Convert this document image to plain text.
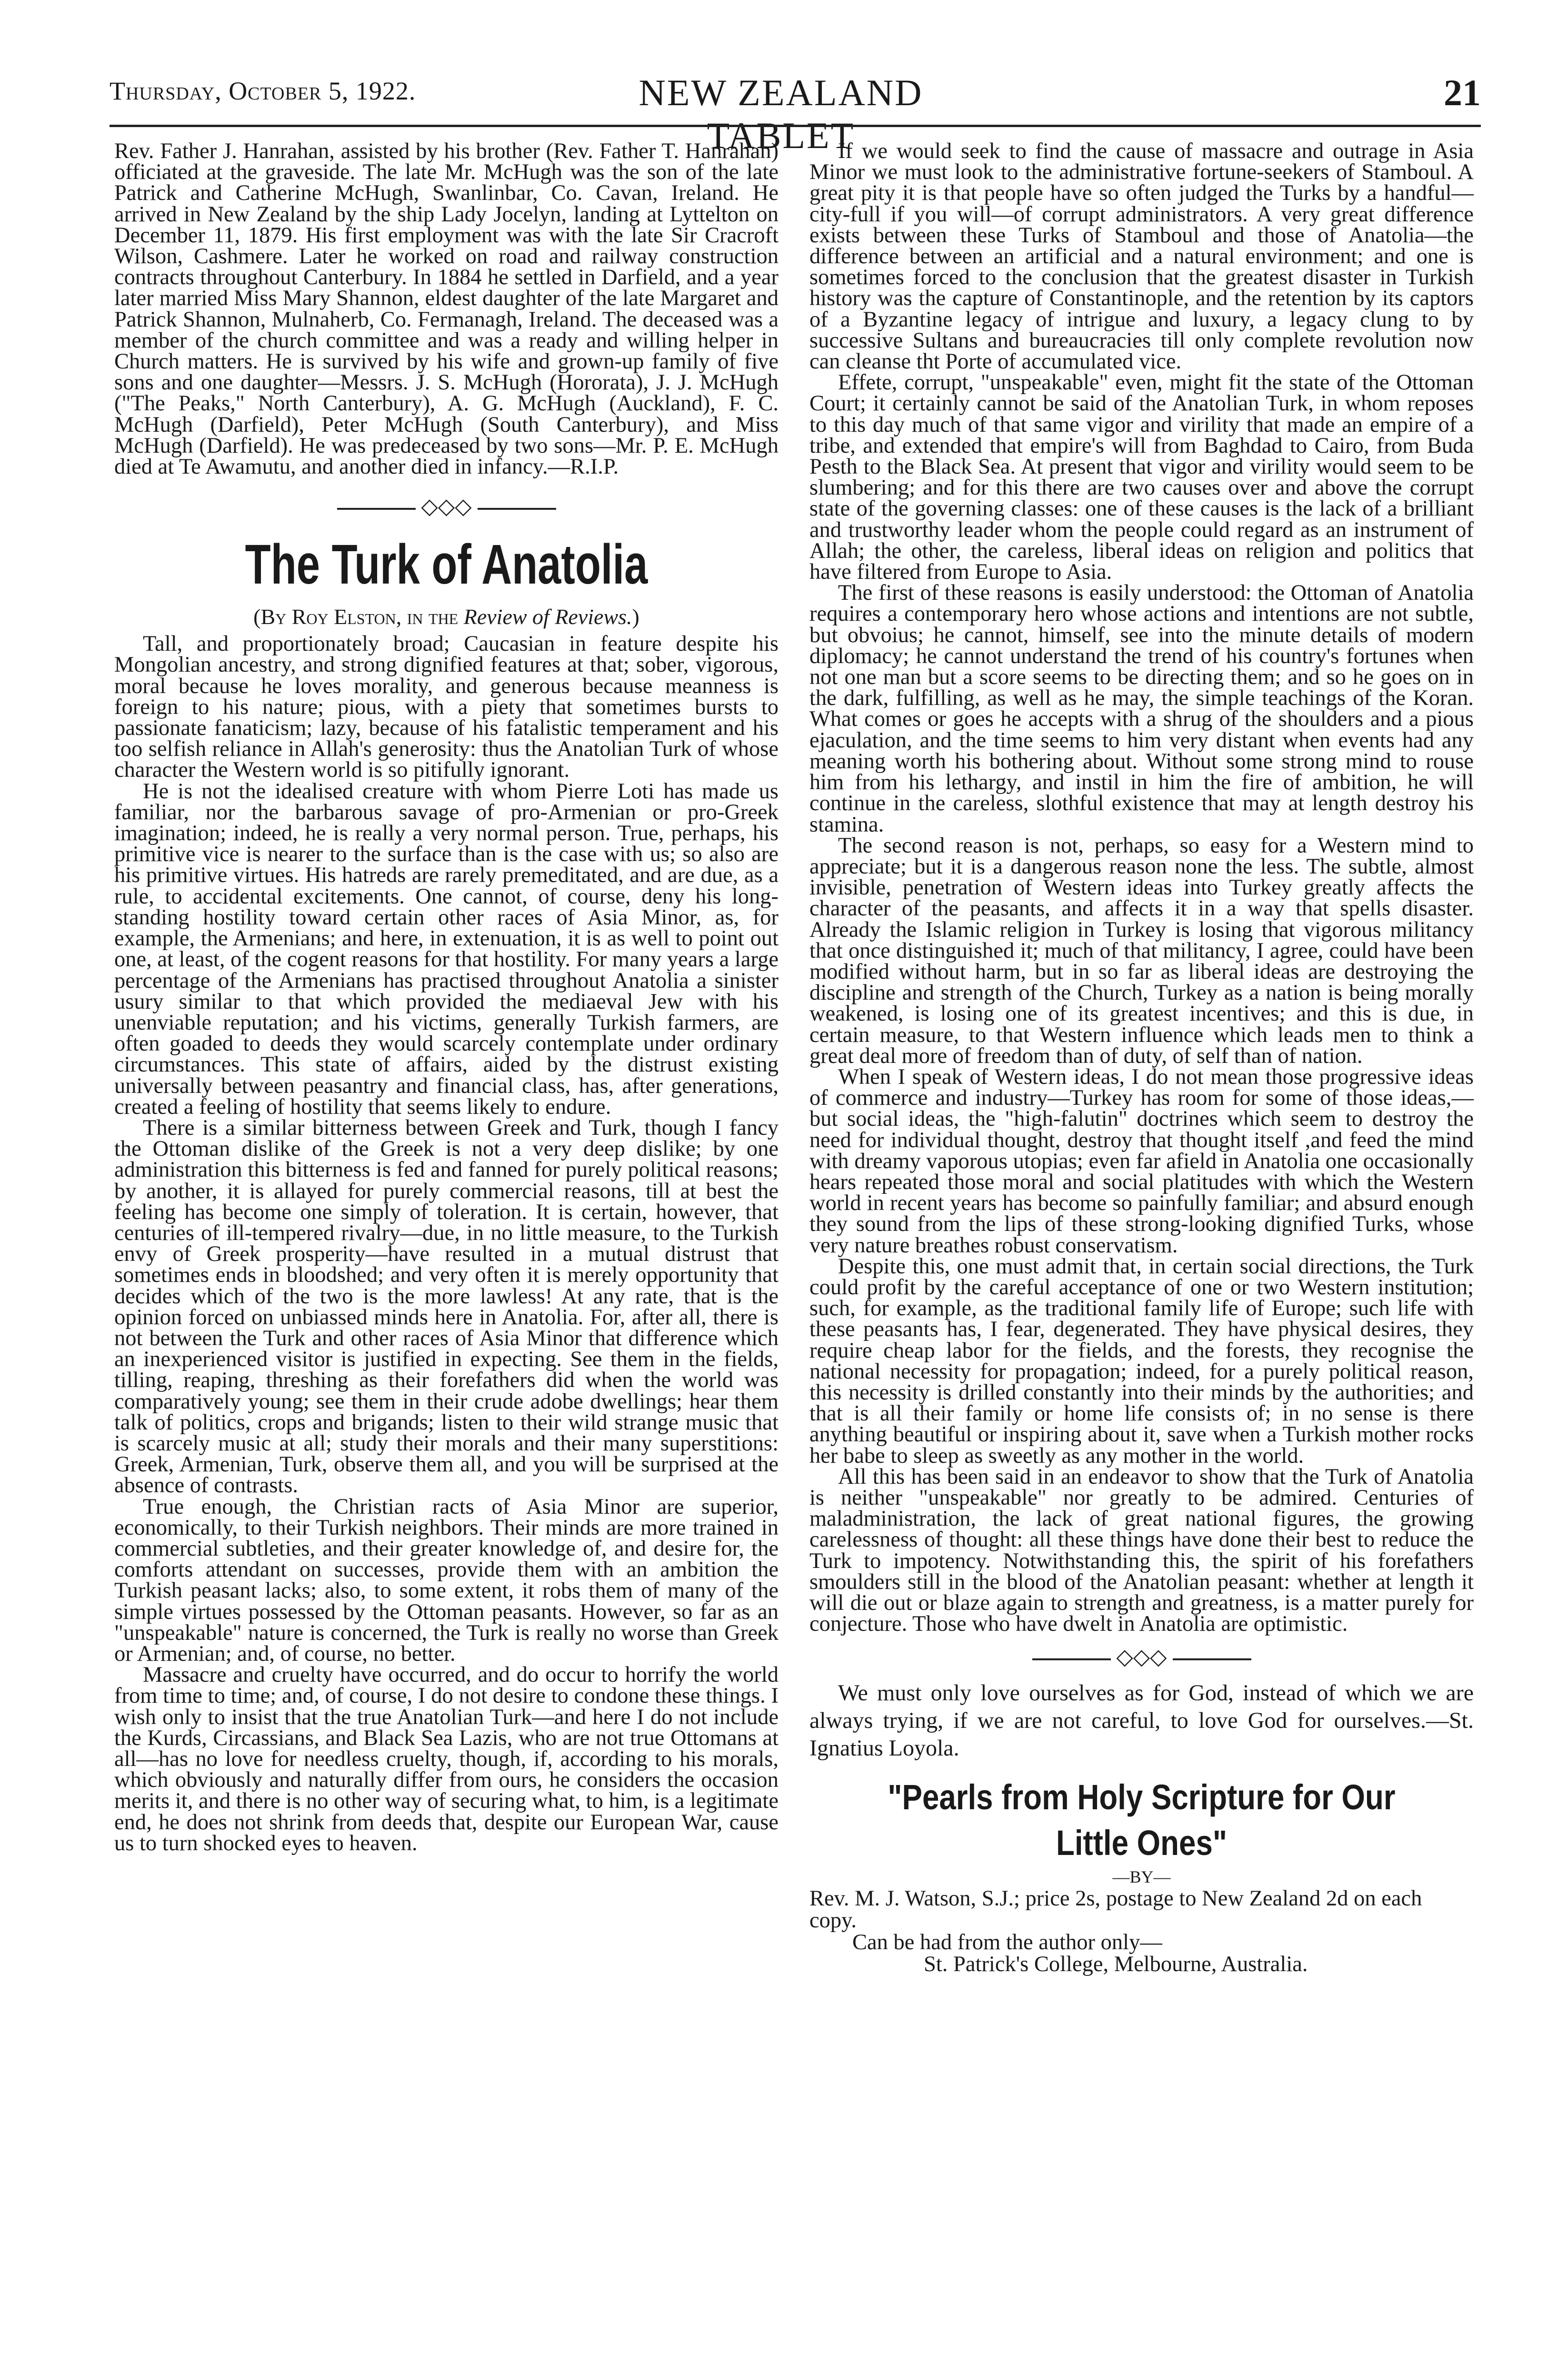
Thursday, October 5, 1922.	NEW ZEALAND TABLET
21

Rev. Father J. Hanrahan, assisted by his brother (Rev. Father T. Hanrahan) officiated at the graveside. The late Mr. McHugh was the son of the late Patrick and Catherine McHugh, Swanlinbar, Co. Cavan, Ireland. He arrived in New Zealand by the ship Lady Jocelyn, landing at Lyttelton on December 11, 1879. His first employment was with the late Sir Cracroft Wilson, Cashmere. Later he worked on road and railway construction contracts throughout Canterbury. In 1884 he settled in Darfield, and a year later married Miss Mary Shannon, eldest daughter of the late Margaret and Patrick Shannon, Mulnaherb, Co. Fermanagh, Ireland. The deceased was a member of the church committee and was a ready and willing helper in Church matters. He is survived by his wife and grown-up family of five sons and one daughter—Messrs. J. S. McHugh (Hororata), J. J. McHugh ("The Peaks," North Canterbury), A. G. McHugh (Auckland), F. C. McHugh (Darfield), Peter McHugh (South Canterbury), and Miss McHugh (Darfield). He was predeceased by two sons—Mr. P. E. McHugh died at Te Awamutu, and another died in infancy.—R.I.P.

◇◇◇
The Turk of Anatolia
(By Roy Elston, in the Review of Reviews.)

Tall, and proportionately broad; Caucasian in feature despite his Mongolian ancestry, and strong dignified features at that; sober, vigorous, moral because he loves morality, and generous because meanness is foreign to his nature; pious, with a piety that sometimes bursts to passionate fanaticism; lazy, because of his fatalistic temperament and his too selfish reliance in Allah's generosity: thus the Anatolian Turk of whose character the Western world is so pitifully ignorant.

He is not the idealised creature with whom Pierre Loti has made us familiar, nor the barbarous savage of pro-Armenian or pro-Greek imagination; indeed, he is really a very normal person. True, perhaps, his primitive vice is nearer to the surface than is the case with us; so also are his primitive virtues. His hatreds are rarely premeditated, and are due, as a rule, to accidental excitements. One cannot, of course, deny his long-standing hostility toward certain other races of Asia Minor, as, for example, the Armenians; and here, in extenuation, it is as well to point out one, at least, of the cogent reasons for that hostility. For many years a large percentage of the Armenians has practised throughout Anatolia a sinister usury similar to that which provided the mediaeval Jew with his unenviable reputation; and his victims, generally Turkish farmers, are often goaded to deeds they would scarcely contemplate under ordinary circumstances. This state of affairs, aided by the distrust existing universally between peasantry and financial class, has, after generations, created a feeling of hostility that seems likely to endure.

There is a similar bitterness between Greek and Turk, though I fancy the Ottoman dislike of the Greek is not a very deep dislike; by one administration this bitterness is fed and fanned for purely political reasons; by another, it is allayed for purely commercial reasons, till at best the feeling has become one simply of toleration. It is certain, however, that centuries of ill-tempered rivalry—due, in no little measure, to the Turkish envy of Greek prosperity—have resulted in a mutual distrust that sometimes ends in bloodshed; and very often it is merely opportunity that decides which of the two is the more lawless! At any rate, that is the opinion forced on unbiassed minds here in Anatolia. For, after all, there is not between the Turk and other races of Asia Minor that difference which an inexperienced visitor is justified in expecting. See them in the fields, tilling, reaping, threshing as their forefathers did when the world was comparatively young; see them in their crude adobe dwellings; hear them talk of politics, crops and brigands; listen to their wild strange music that is scarcely music at all; study their morals and their many superstitions: Greek, Armenian, Turk, observe them all, and you will be surprised at the absence of contrasts.

True enough, the Christian racts of Asia Minor are superior, economically, to their Turkish neighbors. Their minds are more trained in commercial subtleties, and their greater knowledge of, and desire for, the comforts attendant on successes, provide them with an ambition the Turkish peasant lacks; also, to some extent, it robs them of many of the simple virtues possessed by the Ottoman peasants. However, so far as an "unspeakable" nature is concerned, the Turk is really no worse than Greek or Armenian; and, of course, no better.

Massacre and cruelty have occurred, and do occur to horrify the world from time to time; and, of course, I do not desire to condone these things. I wish only to insist that the true Anatolian Turk—and here I do not include the Kurds, Circassians, and Black Sea Lazis, who are not true Ottomans at all—has no love for needless cruelty, though, if, according to his morals, which obviously and naturally differ from ours, he considers the occasion merits it, and there is no other way of securing what, to him, is a legitimate end, he does not shrink from deeds that, despite our European War, cause us to turn shocked eyes to heaven.

If we would seek to find the cause of massacre and outrage in Asia Minor we must look to the administrative fortune-seekers of Stamboul. A great pity it is that people have so often judged the Turks by a handful—city-full if you will—of corrupt administrators. A very great difference exists between these Turks of Stamboul and those of Anatolia—the difference between an artificial and a natural environment; and one is sometimes forced to the conclusion that the greatest disaster in Turkish history was the capture of Constantinople, and the retention by its captors of a Byzantine legacy of intrigue and luxury, a legacy clung to by successive Sultans and bureaucracies till only complete revolution now can cleanse tht Porte of accumulated vice.

Effete, corrupt, "unspeakable" even, might fit the state of the Ottoman Court; it certainly cannot be said of the Anatolian Turk, in whom reposes to this day much of that same vigor and virility that made an empire of a tribe, and extended that empire's will from Baghdad to Cairo, from Buda Pesth to the Black Sea. At present that vigor and virility would seem to be slumbering; and for this there are two causes over and above the corrupt state of the governing classes: one of these causes is the lack of a brilliant and trustworthy leader whom the people could regard as an instrument of Allah; the other, the careless, liberal ideas on religion and politics that have filtered from Europe to Asia.

The first of these reasons is easily understood: the Ottoman of Anatolia requires a contemporary hero whose actions and intentions are not subtle, but obvoius; he cannot, himself, see into the minute details of modern diplomacy; he cannot understand the trend of his country's fortunes when not one man but a score seems to be directing them; and so he goes on in the dark, fulfilling, as well as he may, the simple teachings of the Koran. What comes or goes he accepts with a shrug of the shoulders and a pious ejaculation, and the time seems to him very distant when events had any meaning worth his bothering about. Without some strong mind to rouse him from his lethargy, and instil in him the fire of ambition, he will continue in the careless, slothful existence that may at length destroy his stamina.

The second reason is not, perhaps, so easy for a Western mind to appreciate; but it is a dangerous reason none the less. The subtle, almost invisible, penetration of Western ideas into Turkey greatly affects the character of the peasants, and affects it in a way that spells disaster. Already the Islamic religion in Turkey is losing that vigorous militancy that once distinguished it; much of that militancy, I agree, could have been modified without harm, but in so far as liberal ideas are destroying the discipline and strength of the Church, Turkey as a nation is being morally weakened, is losing one of its greatest incentives; and this is due, in certain measure, to that Western influence which leads men to think a great deal more of freedom than of duty, of self than of nation.

When I speak of Western ideas, I do not mean those progressive ideas of commerce and industry—Turkey has room for some of those ideas,—but social ideas, the "high-falutin" doctrines which seem to destroy the need for individual thought, destroy that thought itself ,and feed the mind with dreamy vaporous utopias; even far afield in Anatolia one occasionally hears repeated those moral and social platitudes with which the Western world in recent years has become so painfully familiar; and absurd enough they sound from the lips of these strong-looking dignified Turks, whose very nature breathes robust conservatism.

Despite this, one must admit that, in certain social directions, the Turk could profit by the careful acceptance of one or two Western institution; such, for example, as the traditional family life of Europe; such life with these peasants has, I fear, degenerated. They have physical desires, they require cheap labor for the fields, and the forests, they recognise the national necessity for propagation; indeed, for a purely political reason, this necessity is drilled constantly into their minds by the authorities; and that is all their family or home life consists of; in no sense is there anything beautiful or inspiring about it, save when a Turkish mother rocks her babe to sleep as sweetly as any mother in the world.

All this has been said in an endeavor to show that the Turk of Anatolia is neither "unspeakable" nor greatly to be admired. Centuries of maladministration, the lack of great national figures, the growing carelessness of thought: all these things have done their best to reduce the Turk to impotency. Notwithstanding this, the spirit of his forefathers smoulders still in the blood of the Anatolian peasant: whether at length it will die out or blaze again to strength and greatness, is a matter purely for conjecture. Those who have dwelt in Anatolia are optimistic.

◇◇◇

We must only love ourselves as for God, instead of which we are always trying, if we are not careful, to love God for ourselves.—St. Ignatius Loyola.

"Pearls from Holy Scripture for Our Little Ones"
—BY—
Rev. M. J. Watson, S.J.; price 2s, postage to New Zealand 2d on each copy.
Can be had from the author only—
St. Patrick's College, Melbourne, Australia.
